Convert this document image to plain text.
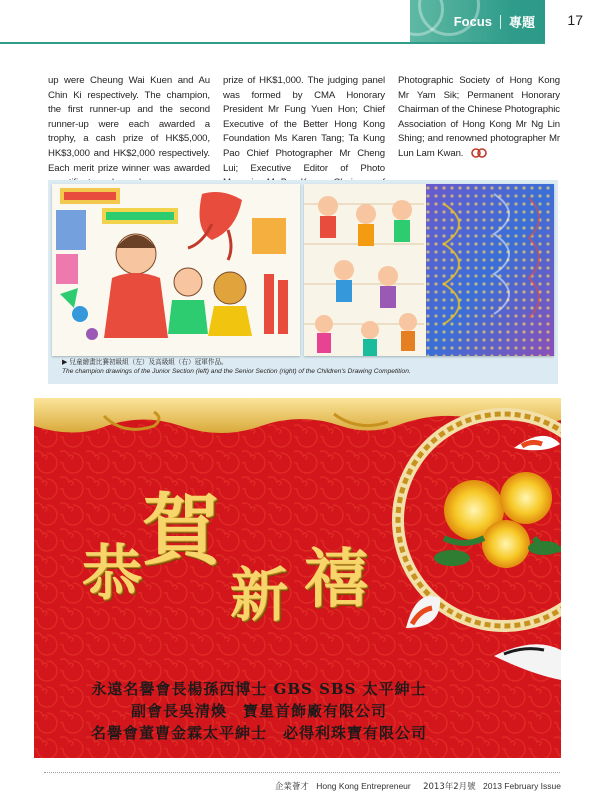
Focus 專題 17

up were Cheung Wai Kuen and Au Chin Ki respectively. The champion, the first runner-up and the second runner-up were each awarded a trophy, a cash prize of HK$5,000, HK$3,000 and HK$2,000 respectively. Each merit prize winner was awarded

prize of HK$1,000. The judging panel was formed by CMA Honorary President Mr Fung Yuen Hon; Chief Executive of the Better Hong Kong Foundation Ms Karen Tang; Ta Kung Pao Chief Photographer Mr Cheng Lui; Executive Editor of Photo

Photographic Society of Hong Kong Mr Yam Sik; Permanent Honorary Chairman of the Chinese Photographic Association of Hong Kong Mr Ng Lin Shing; and renowned photographer Mr Lun Lam Kwan.

▶ 兒童繪畫比賽初級組（左）及高級組（右）冠軍作品。
The champion drawings of the Junior Section (left) and the Senior Section (right) of the Children's Drawing Competition.
恭 賀
新 禧
永遠名譽會長楊孫西博士 GBS SBS 太平紳士
副會長吳清煥　寶星首飾廠有限公司
名譽會董曹金霖太平紳士　必得利珠寶有限公司
企業薈才 Hong Kong Entrepreneur 2013年2月號 2013 February Issue
